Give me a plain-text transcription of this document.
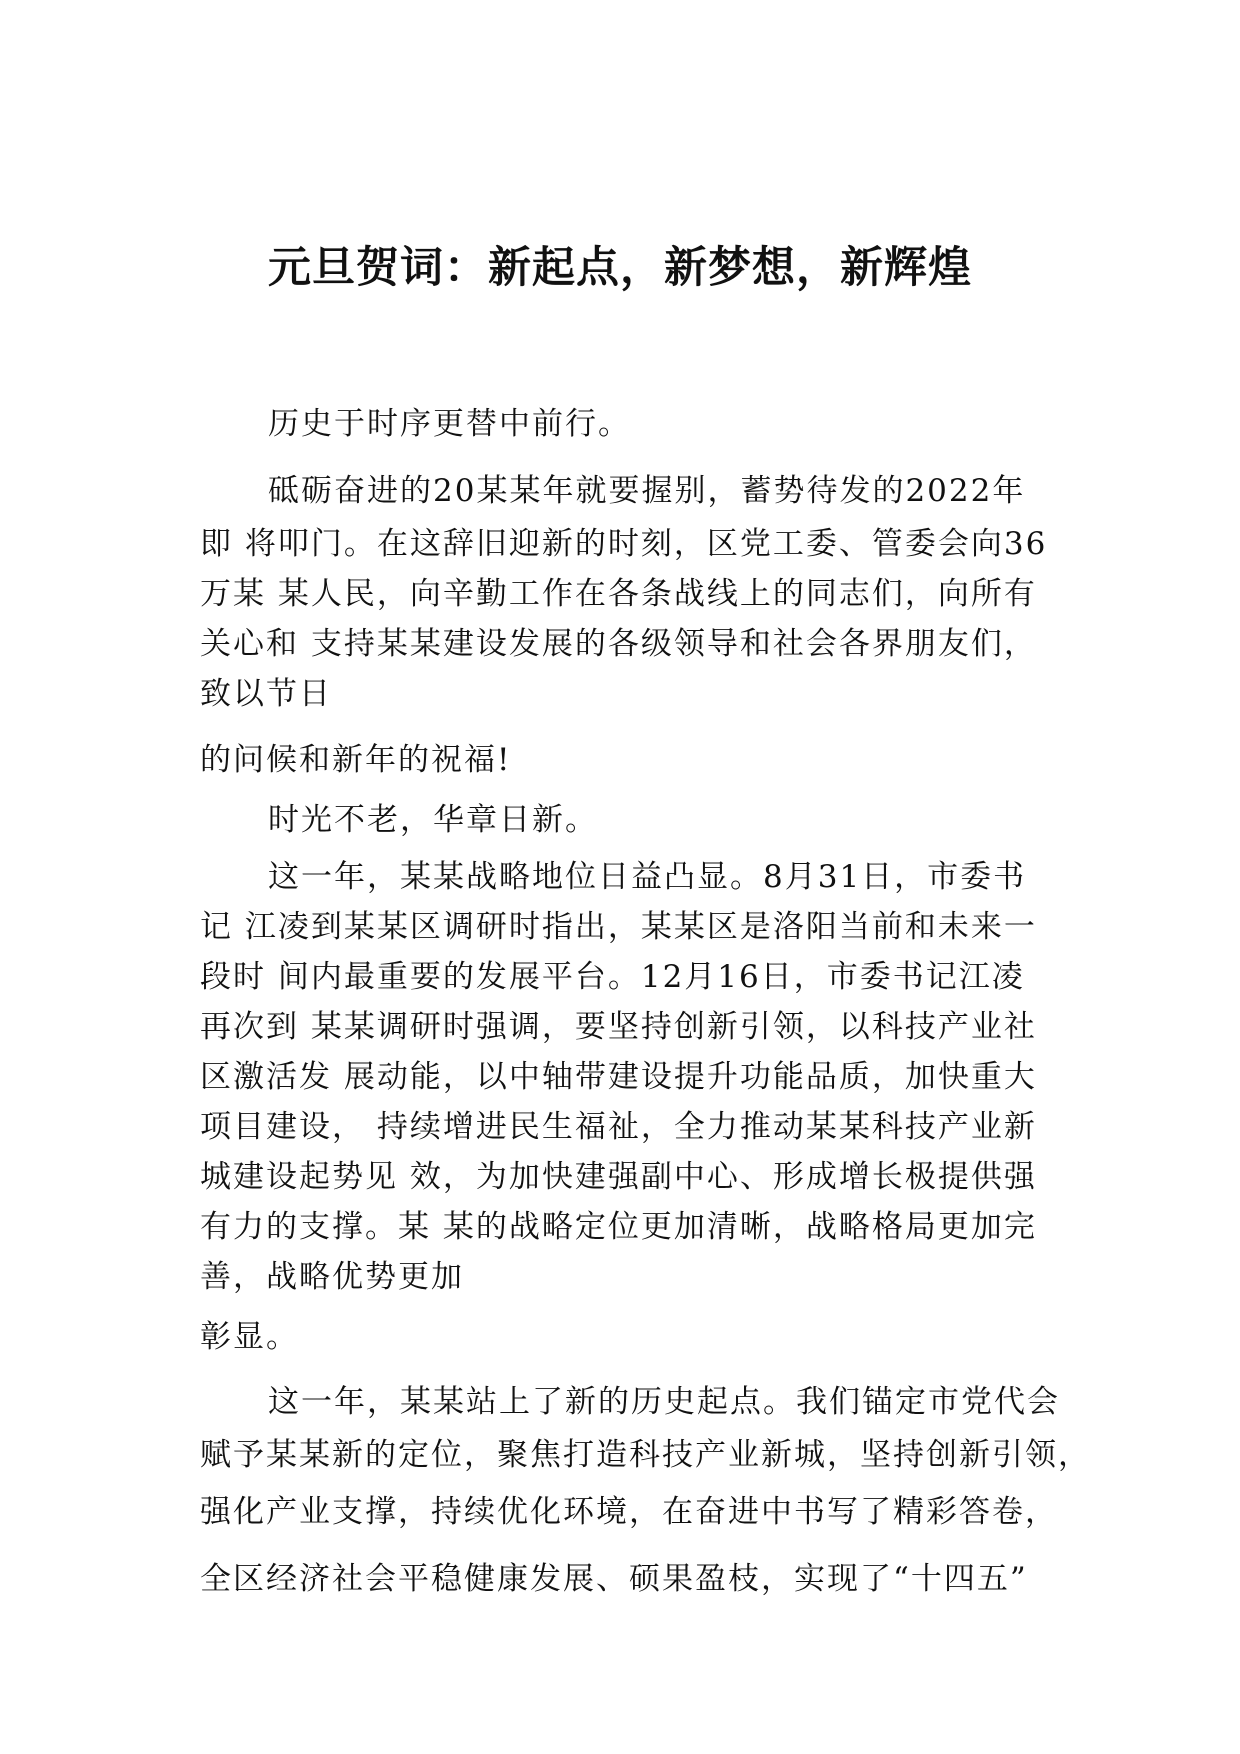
元旦贺词：新起点，新梦想，新辉煌

历史于时序更替中前行。

砥砺奋进的20某某年就要握别，蓄势待发的2022年

即 将叩门。在这辞旧迎新的时刻，区党工委、管委会向36

万某 某人民，向辛勤工作在各条战线上的同志们，向所有

关心和 支持某某建设发展的各级领导和社会各界朋友们，

致以节日

的问候和新年的祝福!

时光不老，华章日新。

这一年，某某战略地位日益凸显。8月31日，市委书

记 江凌到某某区调研时指出，某某区是洛阳当前和未来一

段时 间内最重要的发展平台。12月16日，市委书记江凌

再次到 某某调研时强调，要坚持创新引领，以科技产业社

区激活发 展动能，以中轴带建设提升功能品质，加快重大

项目建设， 持续增进民生福祉，全力推动某某科技产业新

城建设起势见 效，为加快建强副中心、形成增长极提供强

有力的支撑。某 某的战略定位更加清晰，战略格局更加完

善，战略优势更加

彰显。

这一年，某某站上了新的历史起点。我们锚定市党代会

赋予某某新的定位，聚焦打造科技产业新城，坚持创新引领，

强化产业支撑，持续优化环境，在奋进中书写了精彩答卷，

全区经济社会平稳健康发展、硕果盈枝，实现了“十四五”
